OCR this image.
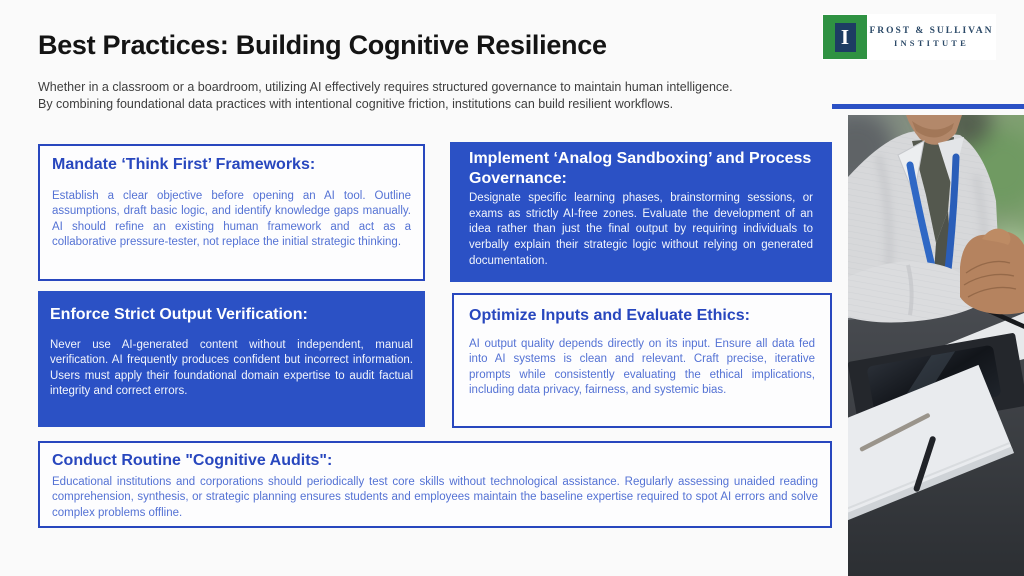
Best Practices: Building Cognitive Resilience
Whether in a classroom or a boardroom, utilizing AI effectively requires structured governance to maintain human intelligence.
By combining foundational data practices with intentional cognitive friction, institutions can build resilient workflows.
I	FROST & SULLIVAN
INSTITUTE
Mandate ‘Think First’ Frameworks:

Establish a clear objective before opening an AI tool. Outline assumptions, draft basic logic, and identify knowledge gaps manually. AI should refine an existing human framework and act as a collaborative pressure-tester, not replace the initial strategic thinking.

Implement ‘Analog Sandboxing’ and Process Governance:

Designate specific learning phases, brainstorming sessions, or exams as strictly AI-free zones. Evaluate the development of an idea rather than just the final output by requiring individuals to verbally explain their strategic logic without relying on generated documentation.

Enforce Strict Output Verification:

Never use AI-generated content without independent, manual verification. AI frequently produces confident but incorrect information. Users must apply their foundational domain expertise to audit factual integrity and correct errors.

Optimize Inputs and Evaluate Ethics:

AI output quality depends directly on its input. Ensure all data fed into AI systems is clean and relevant. Craft precise, iterative prompts while consistently evaluating the ethical implications, including data privacy, fairness, and systemic bias.

Conduct Routine "Cognitive Audits":

Educational institutions and corporations should periodically test core skills without technological assistance. Regularly assessing unaided reading comprehension, synthesis, or strategic planning ensures students and employees maintain the baseline expertise required to spot AI errors and solve complex problems offline.
